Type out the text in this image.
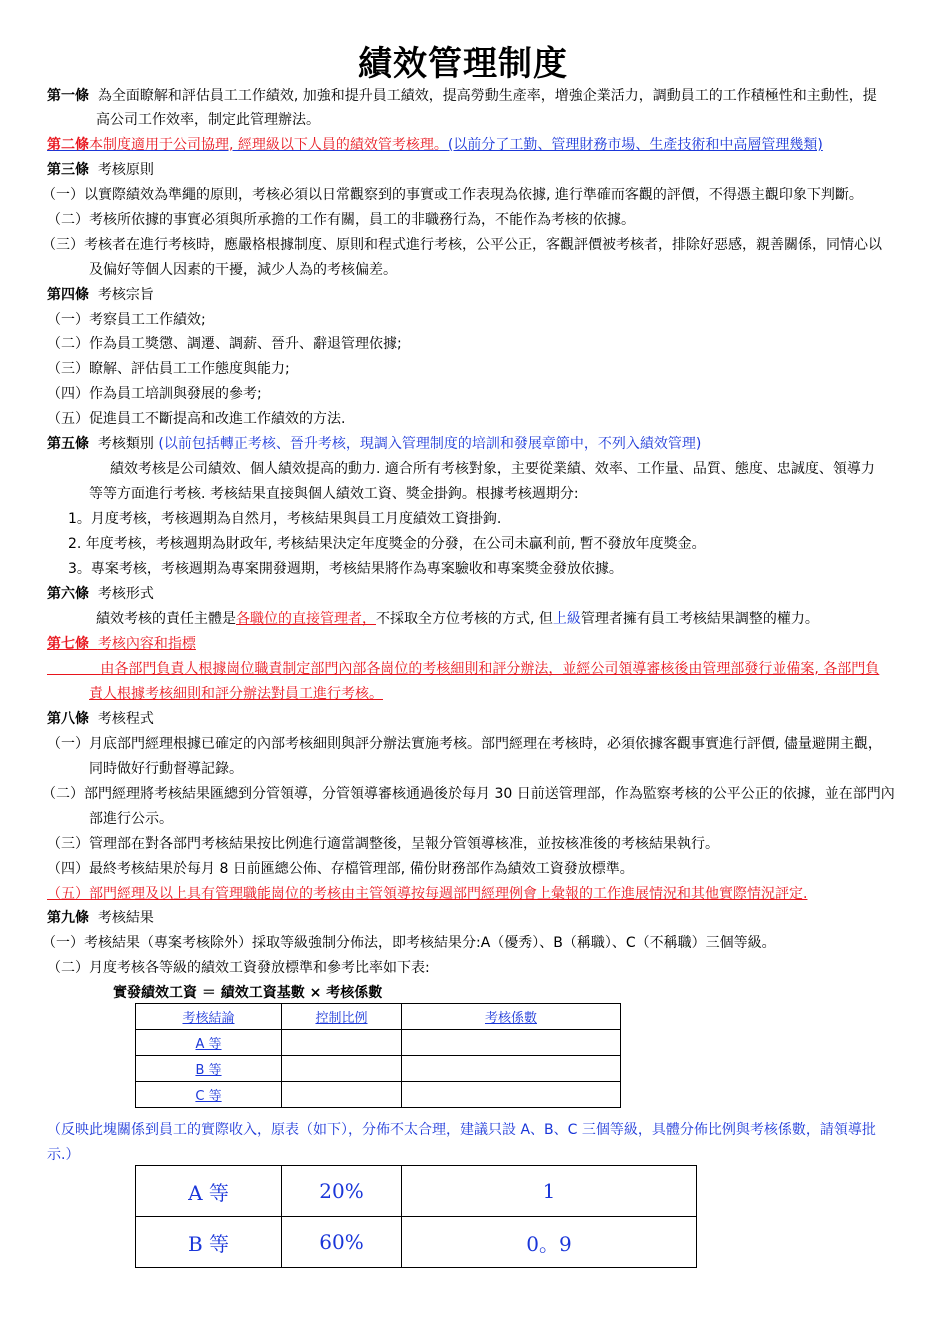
績效管理制度
第一條 為全面瞭解和評估員工工作績效, 加強和提升員工績效，提高勞動生產率，增強企業活力，調動員工的工作積極性和主動性，提
高公司工作效率，制定此管理辦法。
第二條本制度適用于公司協理, 經理級以下人員的績效管考核理。(以前分了工勤、管理財務市場、生產技術和中高層管理幾類)
第三條 考核原則
（一）以實際績效為準繩的原則，考核必須以日常觀察到的事實或工作表現為依據, 進行準確而客觀的評價，不得憑主觀印象下判斷。
（二）考核所依據的事實必須與所承擔的工作有關，員工的非職務行為，不能作為考核的依據。
（三）考核者在進行考核時，應嚴格根據制度、原則和程式進行考核，公平公正，客觀評價被考核者，排除好惡感，親善關係，同情心以
及偏好等個人因素的干擾，減少人為的考核偏差。
第四條 考核宗旨
（一）考察員工工作績效;
（二）作為員工獎懲、調遷、調薪、晉升、辭退管理依據;
（三）瞭解、評估員工工作態度與能力;
（四）作為員工培訓與發展的參考;
（五）促進員工不斷提高和改進工作績效的方法.
第五條 考核類別 (以前包括轉正考核、晉升考核，現調入管理制度的培訓和發展章節中，不列入績效管理)
績效考核是公司績效、個人績效提高的動力. 適合所有考核對象，主要從業績、效率、工作量、品質、態度、忠誠度、領導力
等等方面進行考核. 考核結果直接與個人績效工資、獎金掛鉤。根據考核週期分:
1。月度考核，考核週期為自然月，考核結果與員工月度績效工資掛鉤.
2. 年度考核，考核週期為財政年, 考核結果決定年度獎金的分發，在公司未贏利前, 暫不發放年度獎金。
3。專案考核，考核週期為專案開發週期，考核結果將作為專案驗收和專案獎金發放依據。
第六條 考核形式
績效考核的責任主體是各職位的直接管理者，不採取全方位考核的方式, 但上級管理者擁有員工考核結果調整的權力。
第七條 考核內容和指標
由各部門負責人根據崗位職責制定部門內部各崗位的考核細則和評分辦法，並經公司領導審核後由管理部發行並備案, 各部門負
責人根據考核細則和評分辦法對員工進行考核。
第八條 考核程式
（一）月底部門經理根據已確定的內部考核細則與評分辦法實施考核。部門經理在考核時，必須依據客觀事實進行評價, 儘量避開主觀，
同時做好行動督導記錄。
（二）部門經理將考核結果匯總到分管領導，分管領導審核通過後於每月 30 日前送管理部，作為監察考核的公平公正的依據，並在部門內
部進行公示。
（三）管理部在對各部門考核結果按比例進行適當調整後，呈報分管領導核准，並按核准後的考核結果執行。
（四）最終考核結果於每月 8 日前匯總公佈、存檔管理部, 備份財務部作為績效工資發放標準。
（五）部門經理及以上具有管理職能崗位的考核由主管領導按每週部門經理例會上彙報的工作進展情況和其他實際情況評定.
第九條 考核結果
（一）考核結果（專案考核除外）採取等級強制分佈法，即考核結果分:A（優秀）、B（稱職）、C（不稱職）三個等級。
（二）月度考核各等級的績效工資發放標準和參考比率如下表:
實發績效工資 ＝ 績效工資基數 × 考核係數
考核結論	控制比例	考核係數
A 等		
B 等		
C 等		
（反映此塊關係到員工的實際收入，原表（如下），分佈不太合理，建議只設 A、B、C 三個等級，具體分佈比例與考核係數，請領導批
示.）
A 等	20%	1
B 等	60%	0。9
